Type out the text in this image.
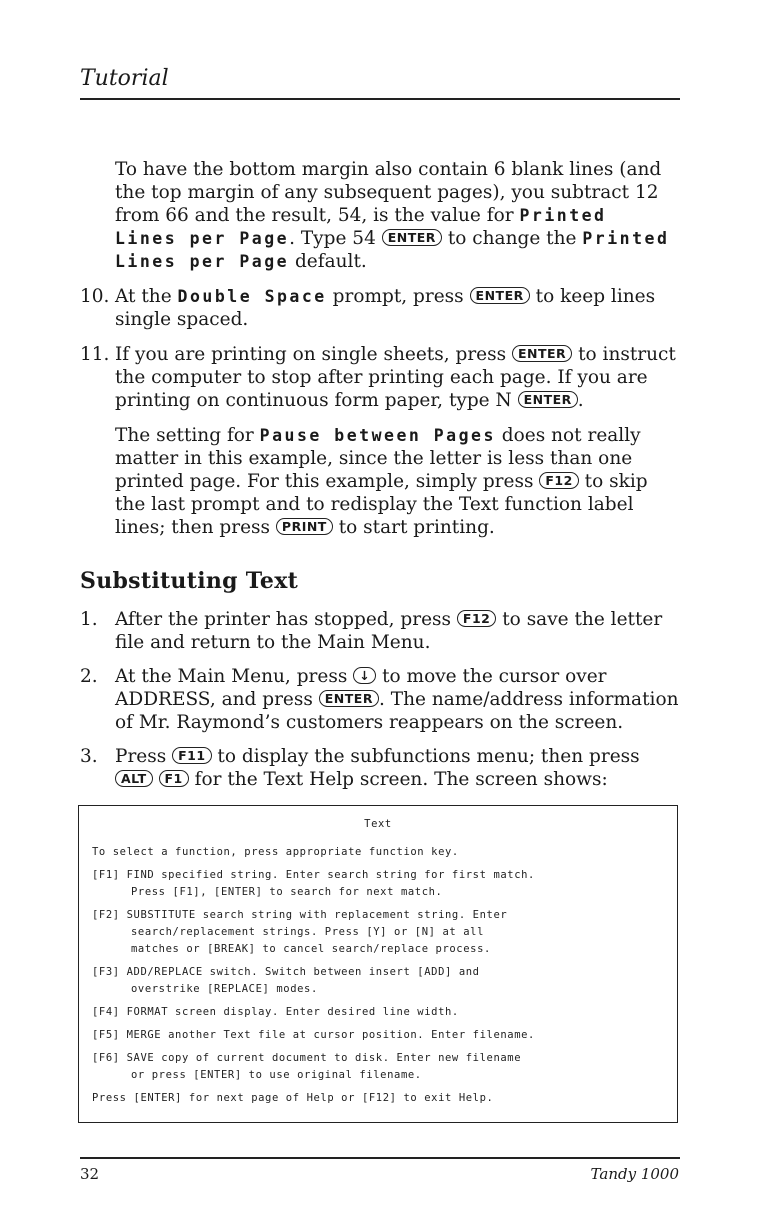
Tutorial

To have the bottom margin also contain 6 blank lines (and the top margin of any subsequent pages), you subtract 12 from 66 and the result, 54, is the value for Printed Lines per Page. Type 54 ENTER to change the Printed Lines per Page default.

10. At the Double Space prompt, press ENTER to keep lines single spaced.

11. If you are printing on single sheets, press ENTER to instruct the computer to stop after printing each page. If you are printing on continuous form paper, type N ENTER .

The setting for Pause between Pages does not really matter in this example, since the letter is less than one printed page. For this example, simply press F12 to skip the last prompt and to redisplay the Text function label lines; then press PRINT to start printing.

Substituting Text
1. After the printer has stopped, press F12 to save the letter file and return to the Main Menu.

2. At the Main Menu, press ↓ to move the cursor over ADDRESS, and press ENTER . The name/address information of Mr. Raymond’s customers reappears on the screen.

3. Press F11 to display the subfunctions menu; then press ALT F1 for the Text Help screen. The screen shows:

Text
To select a function, press appropriate function key.
[F1] FIND specified string. Enter search string for first match.
Press [F1], [ENTER] to search for next match.
[F2] SUBSTITUTE search string with replacement string. Enter
search/replacement strings. Press [Y] or [N] at all
matches or [BREAK] to cancel search/replace process.
[F3] ADD/REPLACE switch. Switch between insert [ADD] and
overstrike [REPLACE] modes.
[F4] FORMAT screen display. Enter desired line width.
[F5] MERGE another Text file at cursor position. Enter filename.
[F6] SAVE copy of current document to disk. Enter new filename
or press [ENTER] to use original filename.
Press [ENTER] for next page of Help or [F12] to exit Help.
32	Tandy 1000
